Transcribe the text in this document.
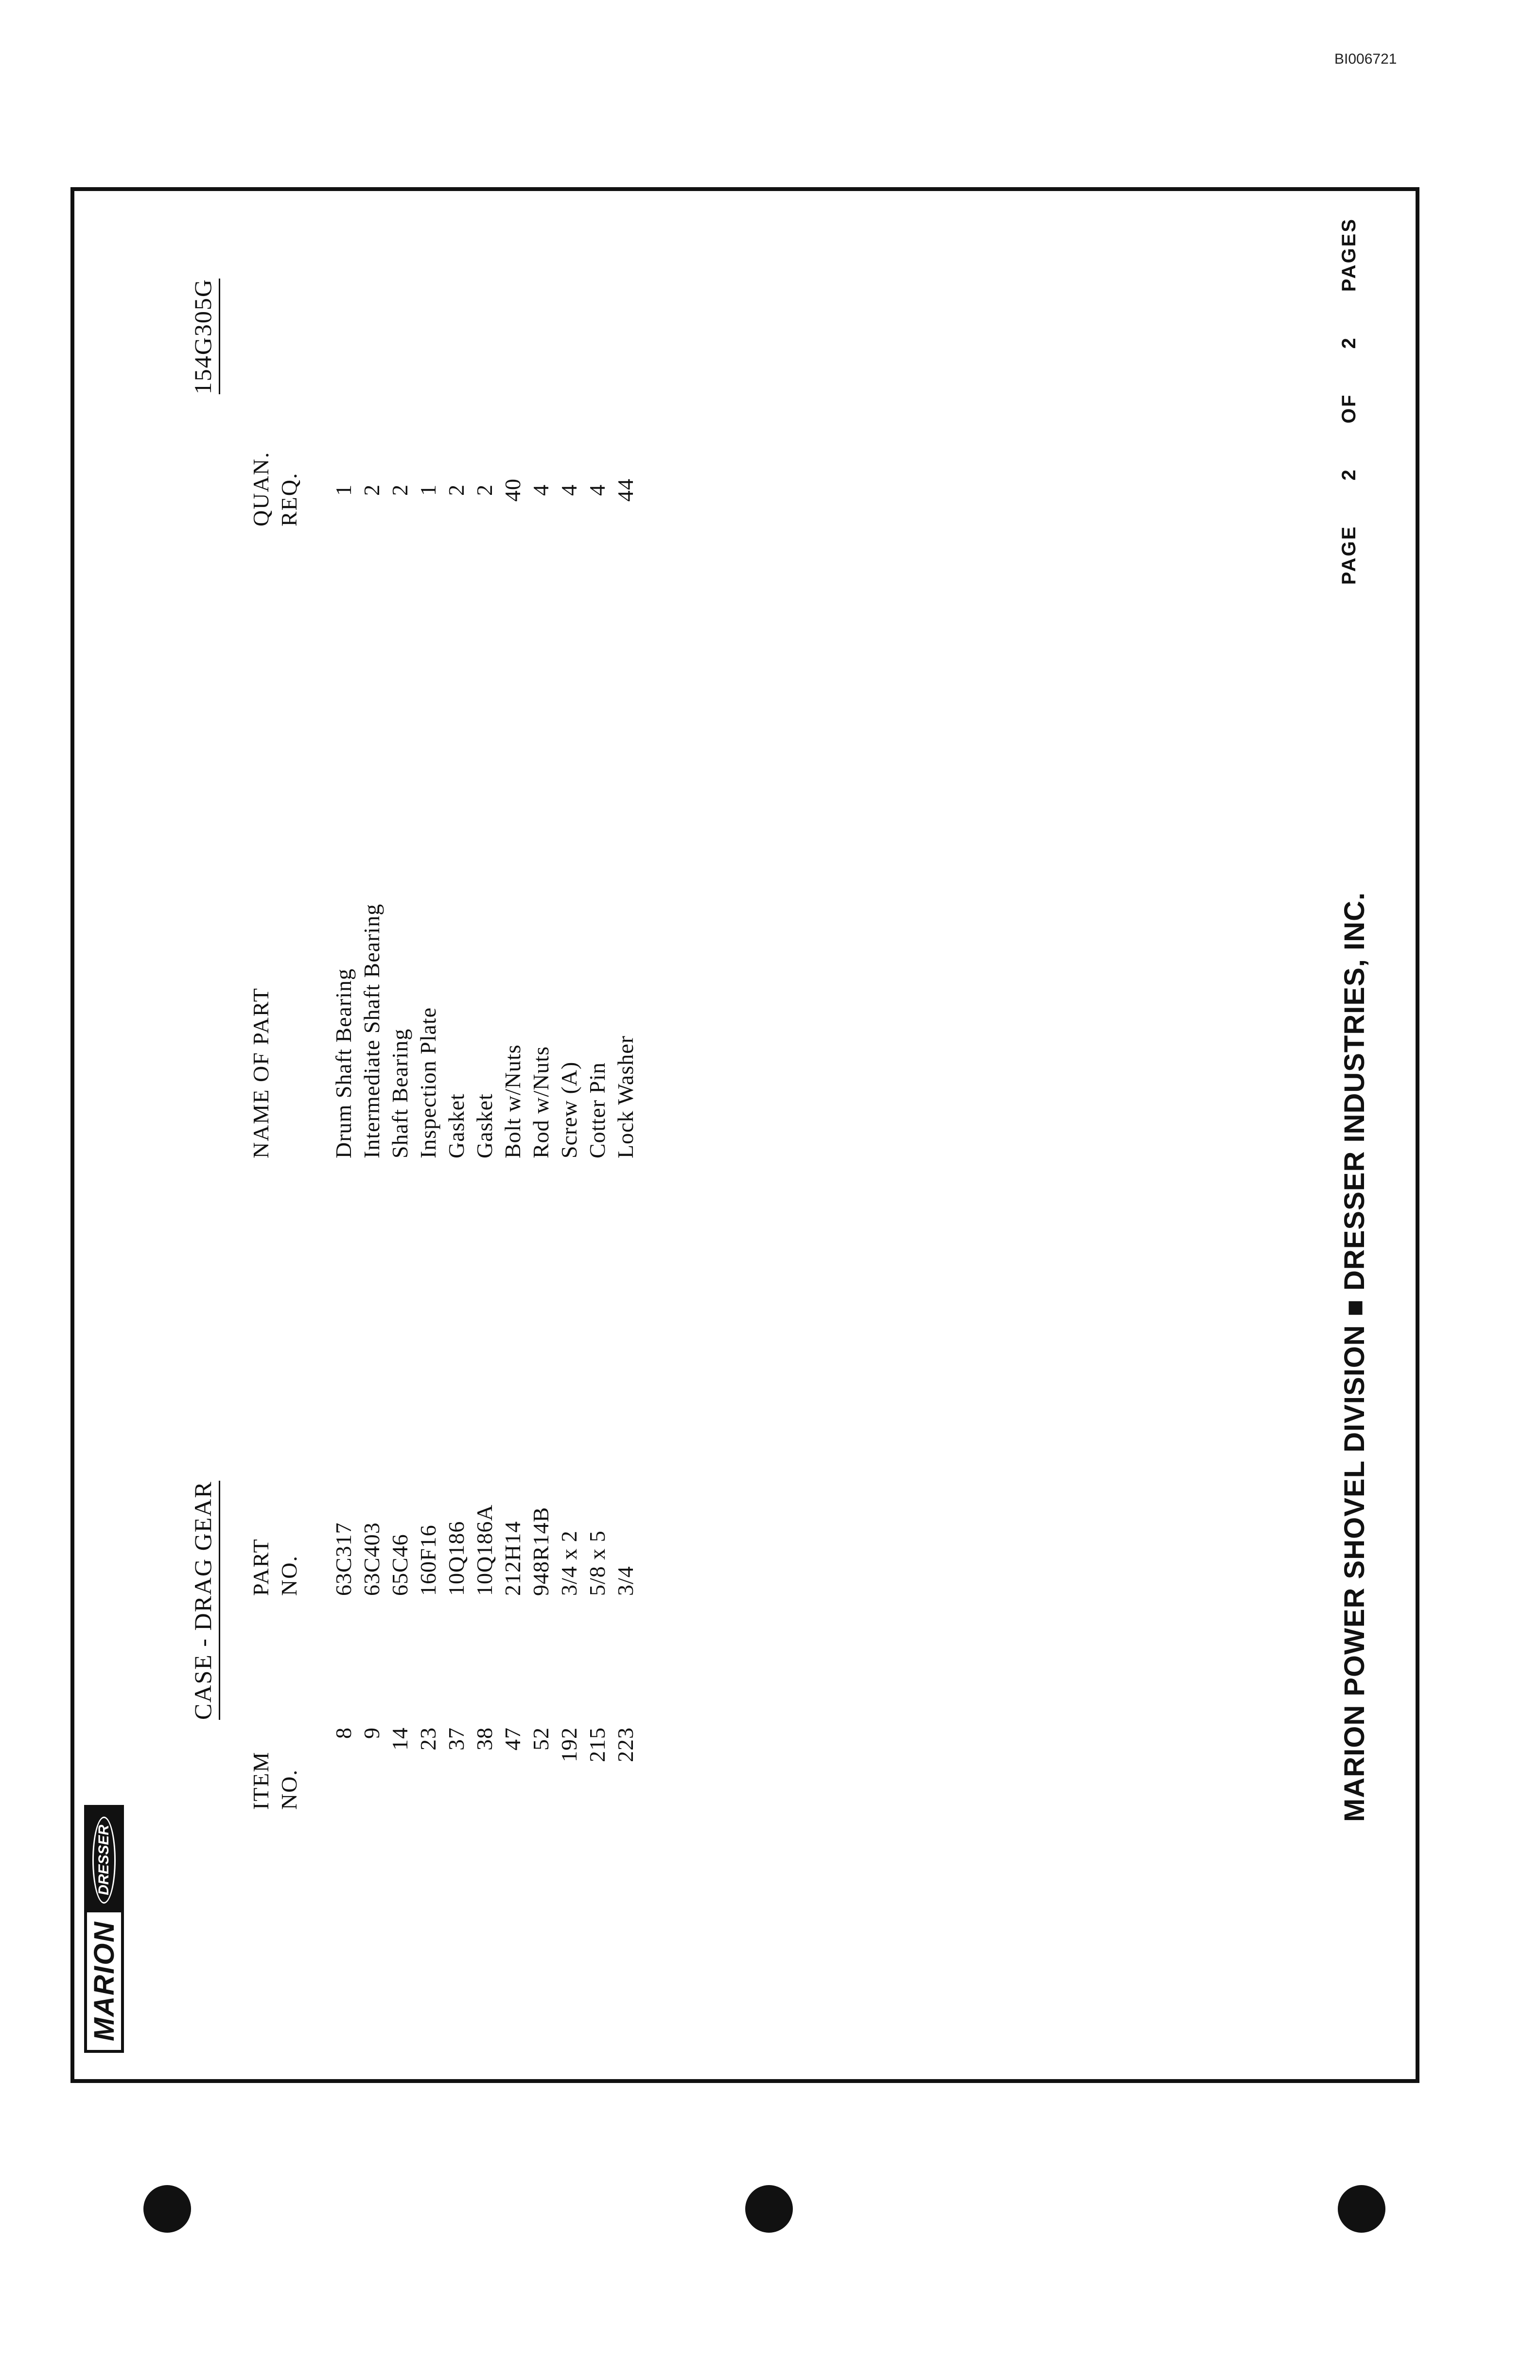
BI006721
MARION
DRESSER
CASE - DRAG GEAR
154G305G
ITEM NO.
PART NO.
NAME OF PART
QUAN. REQ.
8 9 14 23 37 38 47 52 192 215 223
63C317 63C403 65C46 160F16 10Q186 10Q186A 212H14 948R14B 3/4 x 2 5/8 x 5 3/4
Drum Shaft Bearing Intermediate Shaft Bearing Shaft Bearing Inspection Plate Gasket Gasket Bolt w/Nuts Rod w/Nuts Screw (A) Cotter Pin Lock Washer
1 2 2 1 2 2 40 4 4 4 44
MARION POWER SHOVEL DIVISION ■ DRESSER INDUSTRIES, INC.
PAGE 2 OF 2 PAGES
